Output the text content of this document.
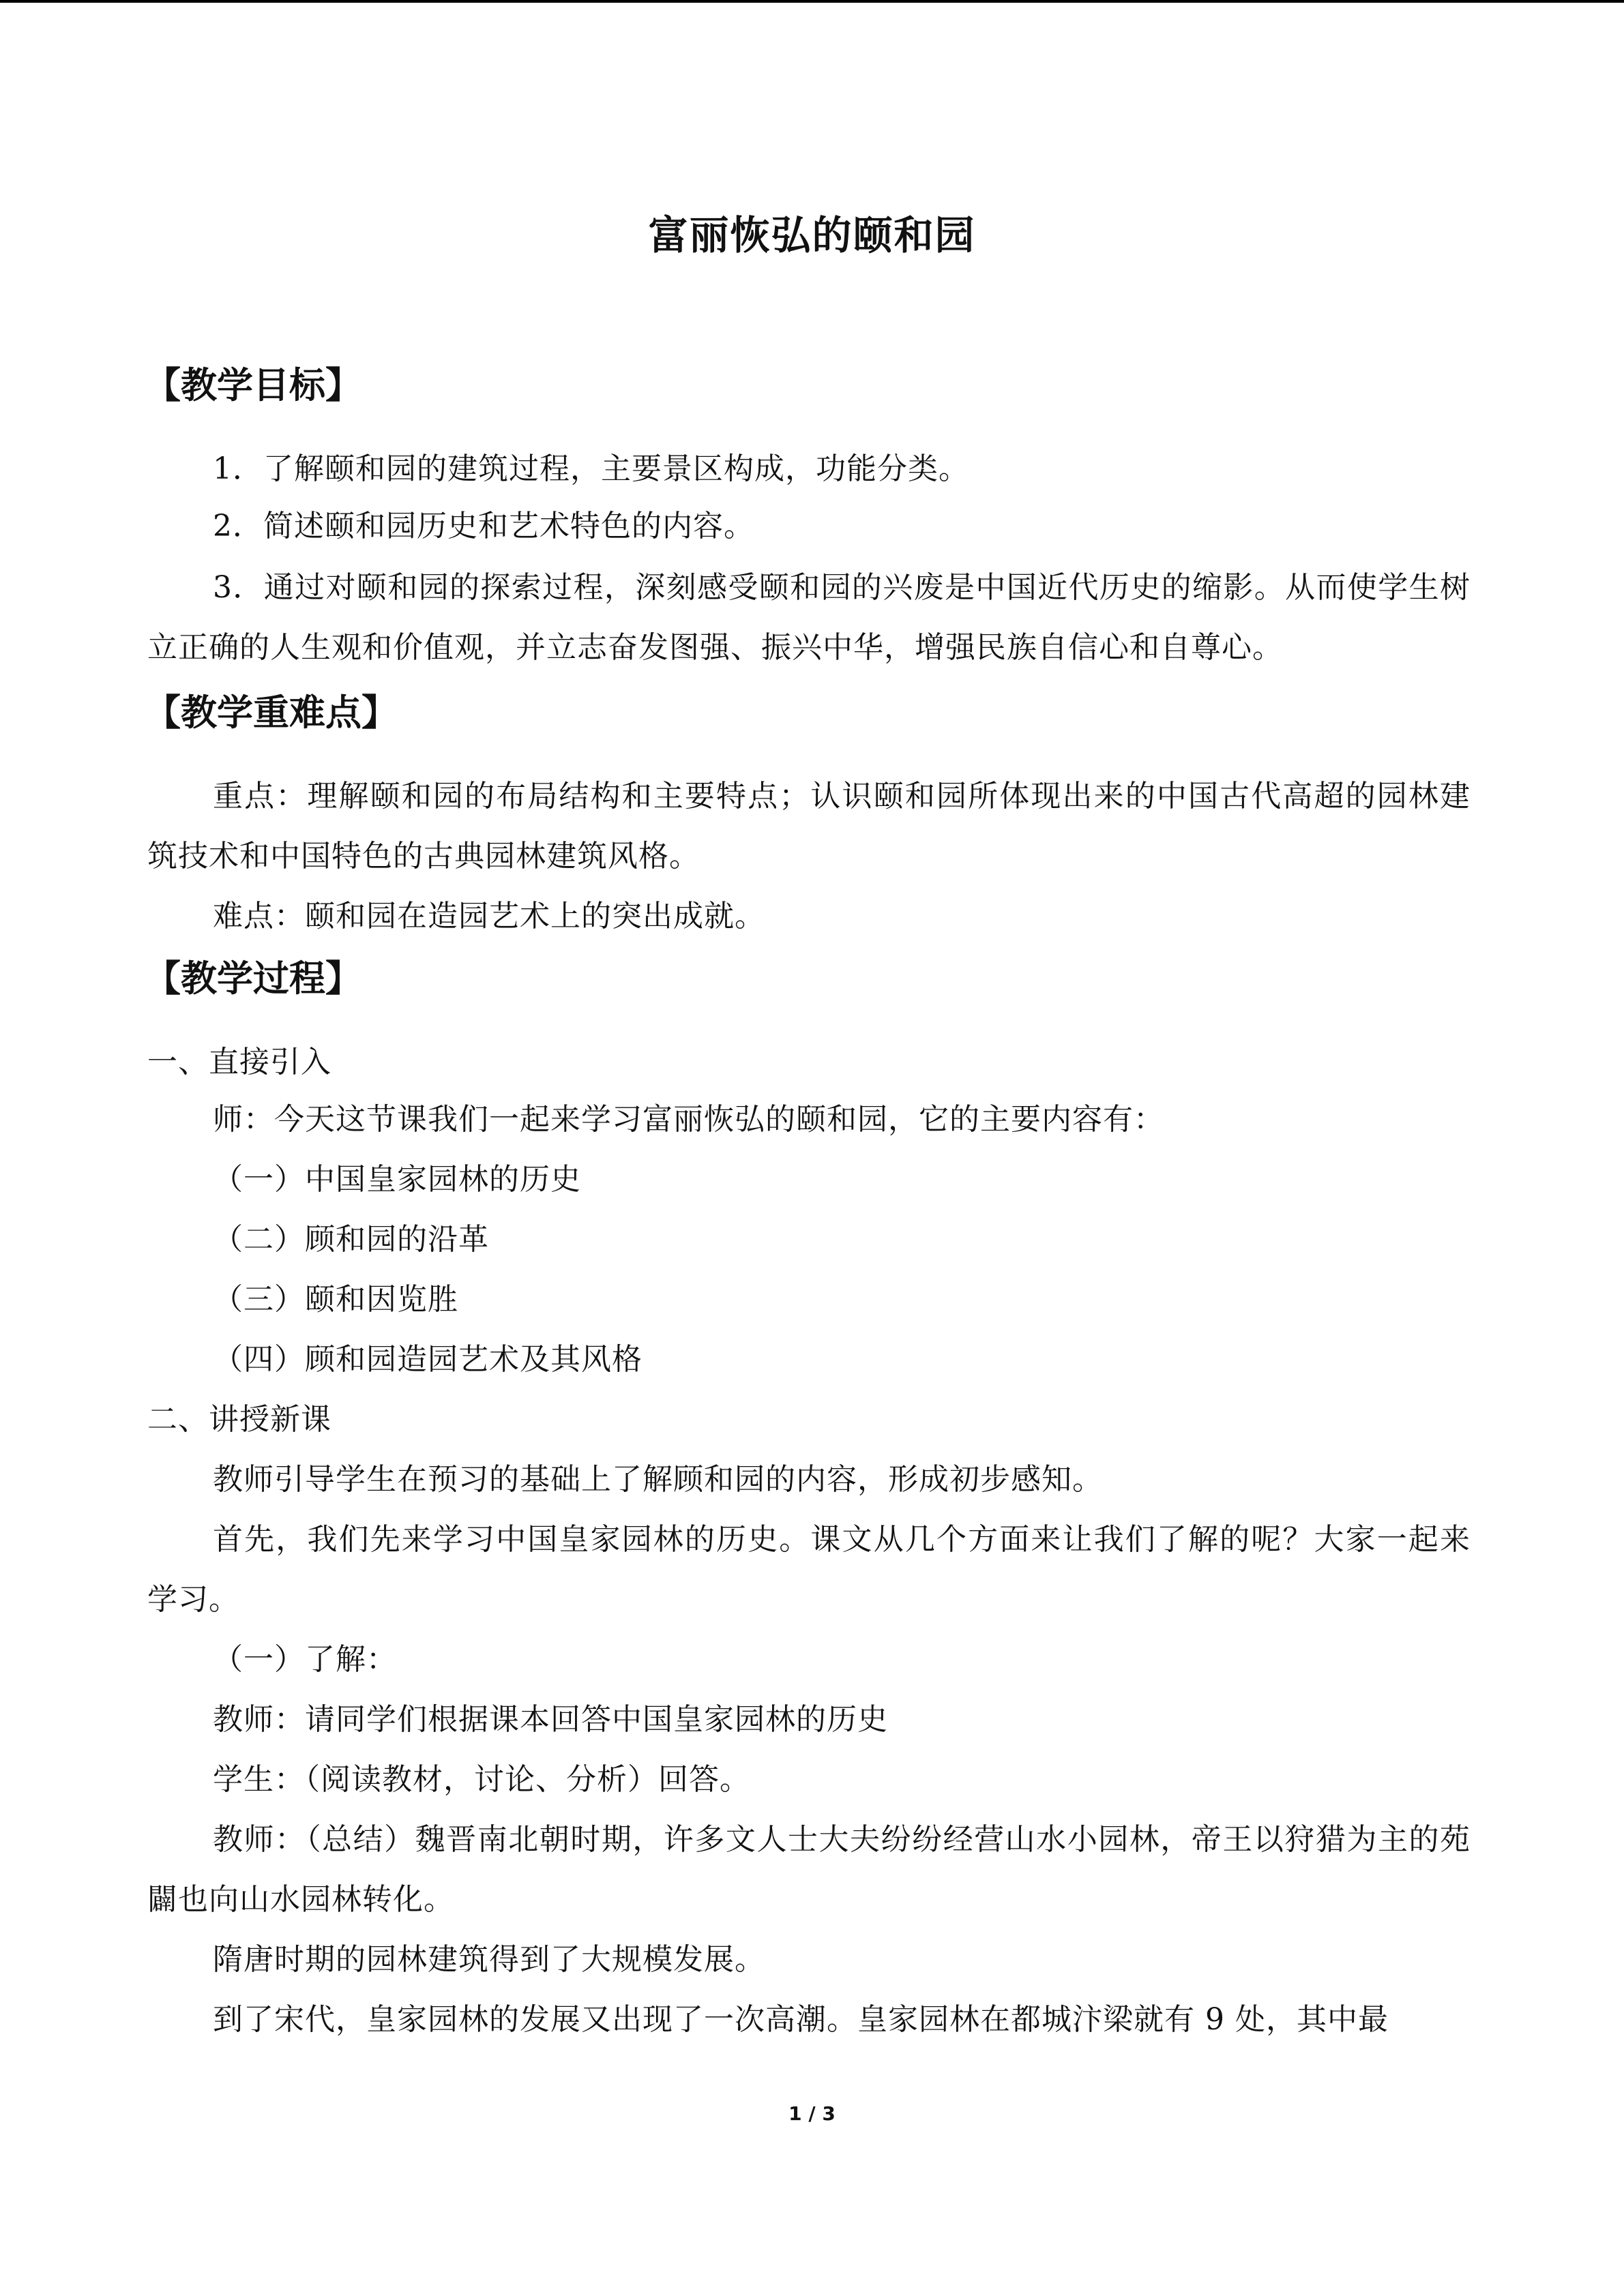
富丽恢弘的颐和园
【教学目标】
1．了解颐和园的建筑过程，主要景区构成，功能分类。
2．简述颐和园历史和艺术特色的内容。
3．通过对颐和园的探索过程，深刻感受颐和园的兴废是中国近代历史的缩影。从而使学生树立正确的人生观和价值观，并立志奋发图强、振兴中华，增强民族自信心和自尊心。
【教学重难点】
重点：理解颐和园的布局结构和主要特点；认识颐和园所体现出来的中国古代高超的园林建筑技术和中国特色的古典园林建筑风格。
难点：颐和园在造园艺术上的突出成就。
【教学过程】
一、直接引入
师：今天这节课我们一起来学习富丽恢弘的颐和园，它的主要内容有：
（一）中国皇家园林的历史
（二）顾和园的沿革
（三）颐和因览胜
（四）顾和园造园艺术及其风格
二、讲授新课
教师引导学生在预习的基础上了解顾和园的内容，形成初步感知。
首先，我们先来学习中国皇家园林的历史。课文从几个方面来让我们了解的呢？大家一起来学习。
（一）了解：
教师：请同学们根据课本回答中国皇家园林的历史
学生：（阅读教材，讨论、分析）回答。
教师：（总结）魏晋南北朝时期，许多文人士大夫纷纷经营山水小园林，帝王以狩猎为主的苑闢也向山水园林转化。
隋唐时期的园林建筑得到了大规模发展。
到了宋代，皇家园林的发展又出现了一次高潮。皇家园林在都城汴梁就有 9 处，其中最
1 / 3
